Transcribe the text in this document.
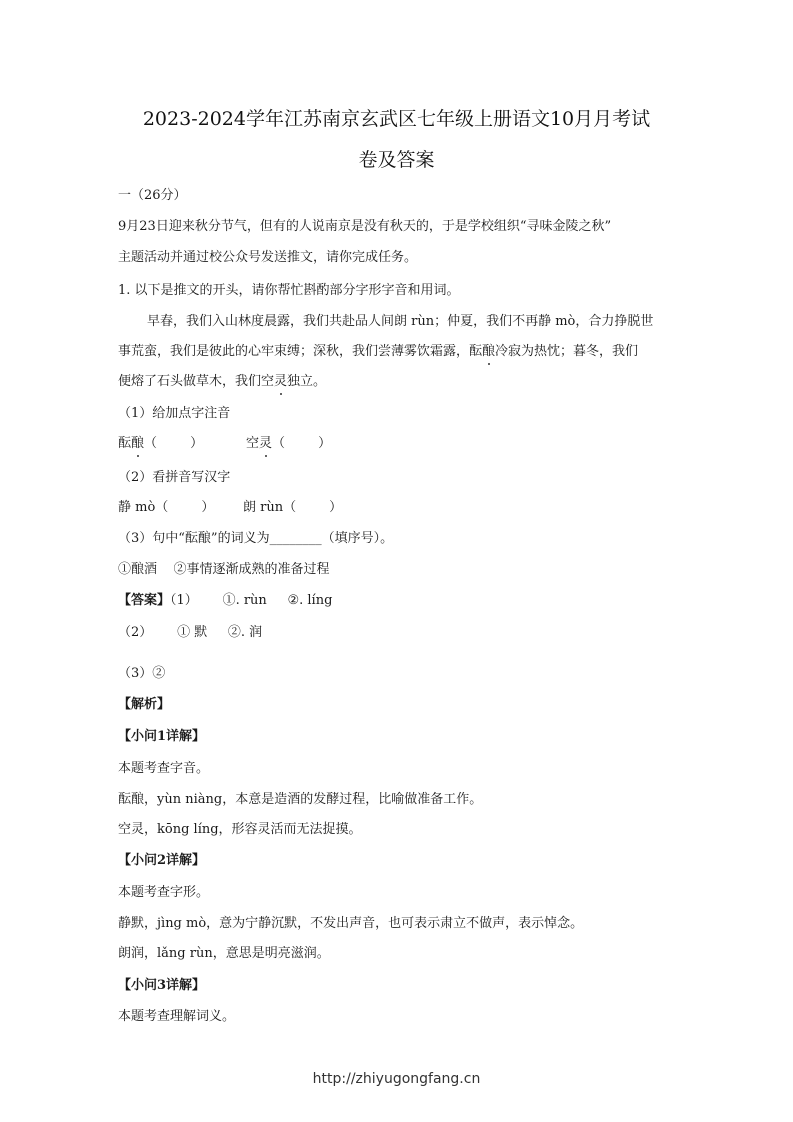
2023-2024学年江苏南京玄武区七年级上册语文10月月考试
卷及答案
一（26分）
9月23日迎来秋分节气，但有的人说南京是没有秋天的，于是学校组织“寻味金陵之秋”
主题活动并通过校公众号发送推文，请你完成任务。
1. 以下是推文的开头，请你帮忙斟酌部分字形字音和用词。
早春，我们入山林度晨露，我们共赴品人间朗 rùn；仲夏，我们不再静 mò，合力挣脱世
事荒蛮，我们是彼此的心牢束缚；深秋，我们尝薄雾饮霜露，酝酿冷寂为热忱；暮冬，我们
便熔了石头做草木，我们空灵独立。
（1）给加点字注音
酝酿（        ）	空灵（        ）
（2）看拼音写汉字
静 mò（        ） 朗 rùn（        ）
（3）句中“酝酿”的词义为________（填序号）。
①酿酒    ②事情逐渐成熟的准备过程
【答案】（1）      ①. rùn     ②. líng
（2）      ① 默     ②. 润
（3）②
【解析】
【小问1详解】
本题考查字音。
酝酿，yùn niàng，本意是造酒的发酵过程，比喻做准备工作。
空灵，kōng líng，形容灵活而无法捉摸。
【小问2详解】
本题考查字形。
静默，jìng mò，意为宁静沉默，不发出声音，也可表示肃立不做声，表示悼念。
朗润，lǎng rùn，意思是明亮滋润。
【小问3详解】
本题考查理解词义。
http://zhiyugongfang.cn
